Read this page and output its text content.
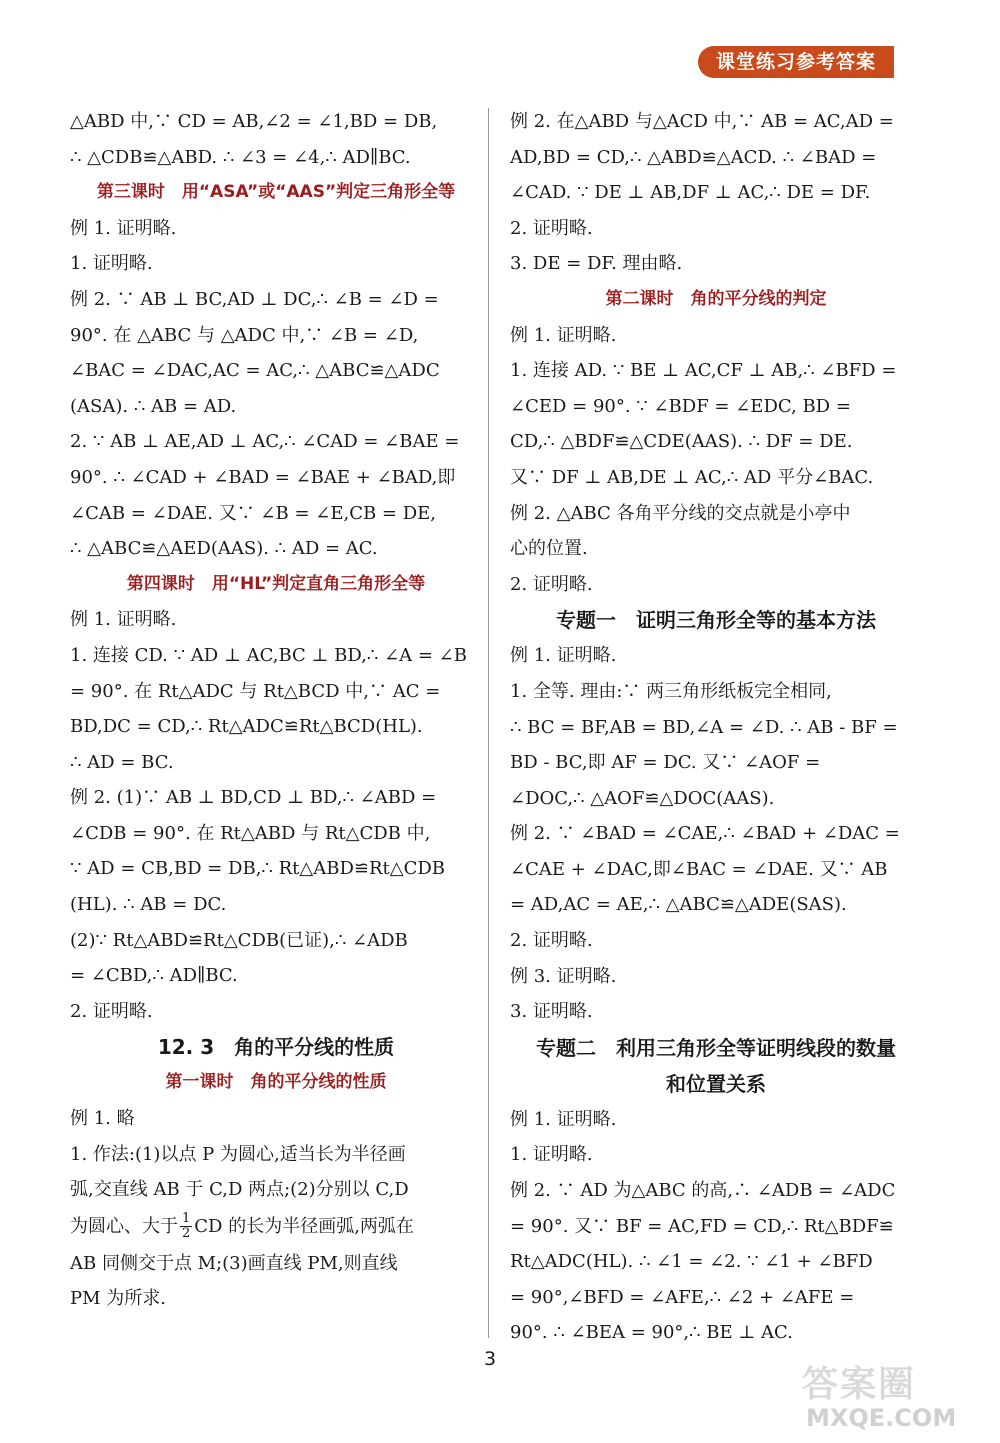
课堂练习参考答案
△ABD 中,∵ CD = AB,∠2 = ∠1,BD = DB,
∴ △CDB≌△ABD. ∴ ∠3 = ∠4,∴ AD∥BC.
第三课时　用“ASA”或“AAS”判定三角形全等
例 1. 证明略.
1. 证明略.
例 2. ∵ AB ⊥ BC,AD ⊥ DC,∴ ∠B = ∠D =
90°. 在 △ABC 与 △ADC 中,∵ ∠B = ∠D,
∠BAC = ∠DAC,AC = AC,∴ △ABC≌△ADC
(ASA). ∴ AB = AD.
2. ∵ AB ⊥ AE,AD ⊥ AC,∴ ∠CAD = ∠BAE =
90°. ∴ ∠CAD + ∠BAD = ∠BAE + ∠BAD,即
∠CAB = ∠DAE. 又∵ ∠B = ∠E,CB = DE,
∴ △ABC≌△AED(AAS). ∴ AD = AC.
第四课时　用“HL”判定直角三角形全等
例 1. 证明略.
1. 连接 CD. ∵ AD ⊥ AC,BC ⊥ BD,∴ ∠A = ∠B
= 90°. 在 Rt△ADC 与 Rt△BCD 中,∵ AC =
BD,DC = CD,∴ Rt△ADC≌Rt△BCD(HL).
∴ AD = BC.
例 2. (1)∵ AB ⊥ BD,CD ⊥ BD,∴ ∠ABD =
∠CDB = 90°. 在 Rt△ABD 与 Rt△CDB 中,
∵ AD = CB,BD = DB,∴ Rt△ABD≌Rt△CDB
(HL). ∴ AB = DC.
(2)∵ Rt△ABD≌Rt△CDB(已证),∴ ∠ADB
= ∠CBD,∴ AD∥BC.
2. 证明略.
12. 3　角的平分线的性质
第一课时　角的平分线的性质
例 1. 略
1. 作法:(1)以点 P 为圆心,适当长为半径画
弧,交直线 AB 于 C,D 两点;(2)分别以 C,D
为圆心、大于 $\frac{1}{2}$ CD 的长为半径画弧,两弧在
AB 同侧交于点 M;(3)画直线 PM,则直线
PM 为所求.
例 2. 在△ABD 与△ACD 中,∵ AB = AC,AD =
AD,BD = CD,∴ △ABD≌△ACD. ∴ ∠BAD =
∠CAD. ∵ DE ⊥ AB,DF ⊥ AC,∴ DE = DF.
2. 证明略.
3. DE = DF. 理由略.
第二课时　角的平分线的判定
例 1. 证明略.
1. 连接 AD. ∵ BE ⊥ AC,CF ⊥ AB,∴ ∠BFD =
∠CED = 90°. ∵ ∠BDF = ∠EDC, BD =
CD,∴ △BDF≌△CDE(AAS). ∴ DF = DE.
又∵ DF ⊥ AB,DE ⊥ AC,∴ AD 平分∠BAC.
例 2. △ABC 各角平分线的交点就是小亭中
心的位置.
2. 证明略.
专题一　证明三角形全等的基本方法
例 1. 证明略.
1. 全等. 理由:∵ 两三角形纸板完全相同,
∴ BC = BF,AB = BD,∠A = ∠D. ∴ AB - BF =
BD - BC,即 AF = DC. 又∵ ∠AOF =
∠DOC,∴ △AOF≌△DOC(AAS).
例 2. ∵ ∠BAD = ∠CAE,∴ ∠BAD + ∠DAC =
∠CAE + ∠DAC,即∠BAC = ∠DAE. 又∵ AB
= AD,AC = AE,∴ △ABC≌△ADE(SAS).
2. 证明略.
例 3. 证明略.
3. 证明略.
专题二　利用三角形全等证明线段的数量
和位置关系
例 1. 证明略.
1. 证明略.
例 2. ∵ AD 为△ABC 的高,∴ ∠ADB = ∠ADC
= 90°. 又∵ BF = AC,FD = CD,∴ Rt△BDF≌
Rt△ADC(HL). ∴ ∠1 = ∠2. ∵ ∠1 + ∠BFD
= 90°,∠BFD = ∠AFE,∴ ∠2 + ∠AFE =
90°. ∴ ∠BEA = 90°,∴ BE ⊥ AC.
3
答案圈
MXQE.COM
